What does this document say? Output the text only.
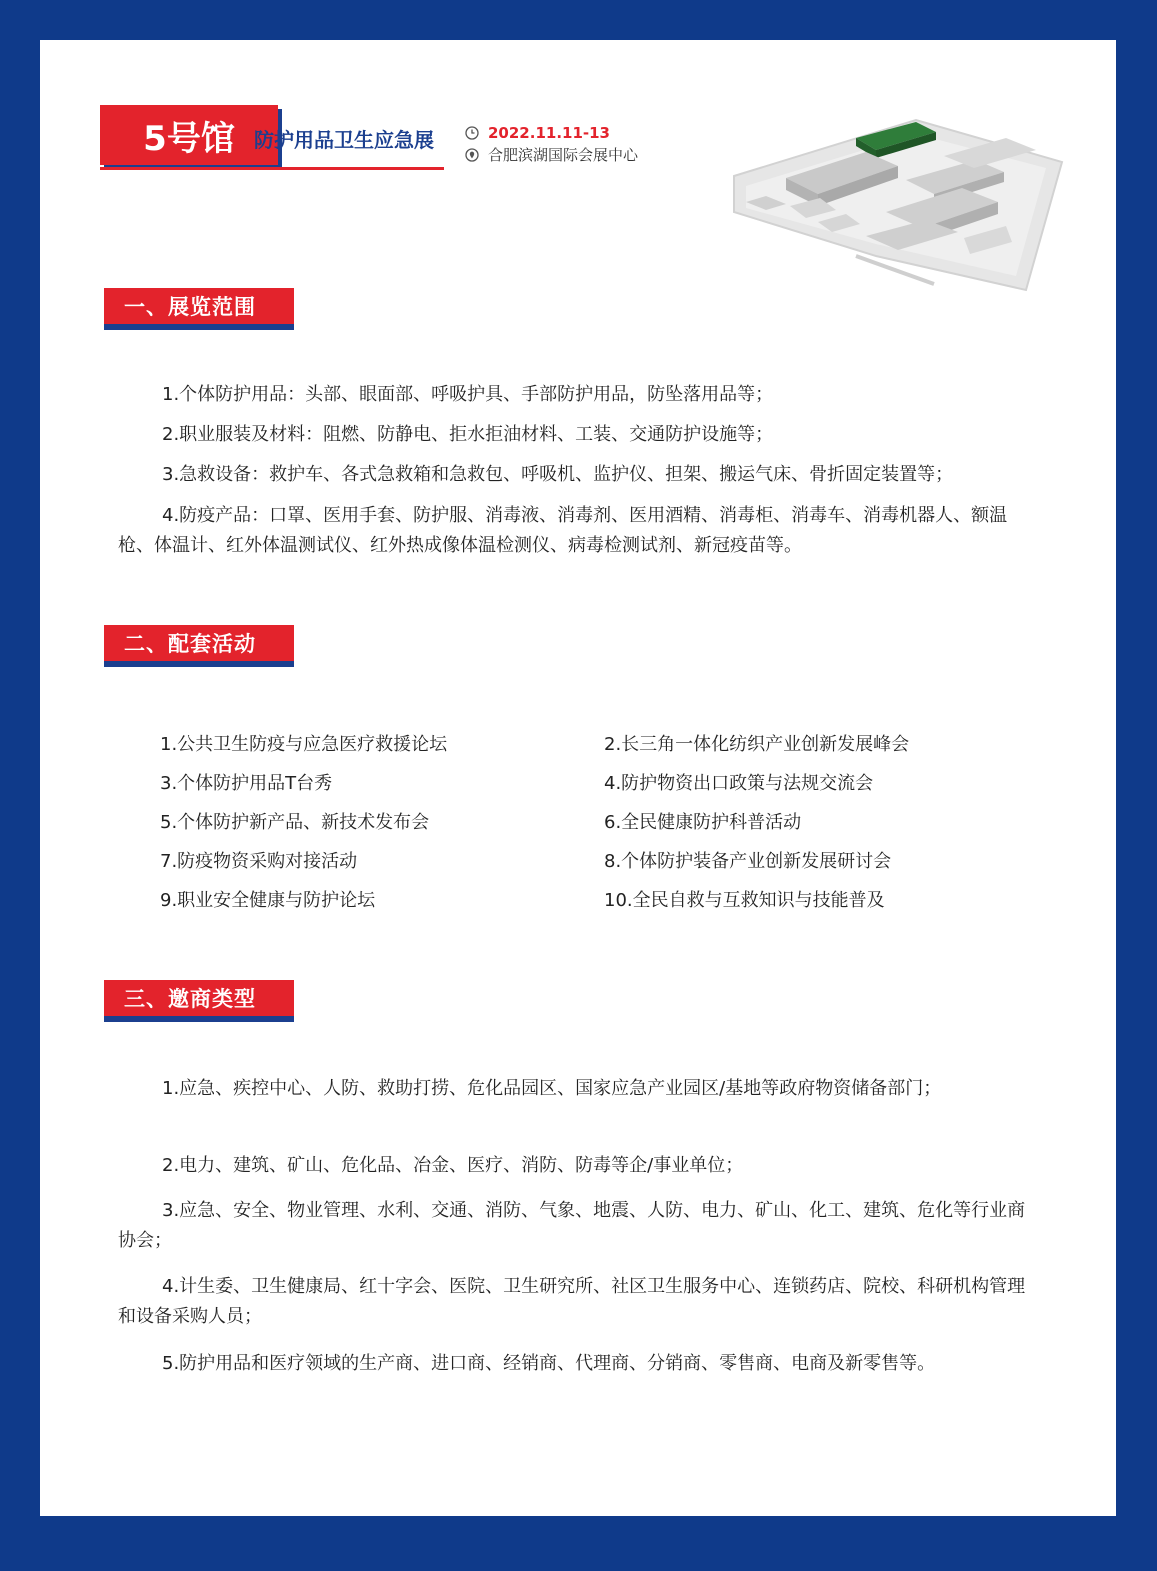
5号馆 防护用品卫生应急展	2022.11.11-13
合肥滨湖国际会展中心
一、展览范围

1.个体防护用品：头部、眼面部、呼吸护具、手部防护用品，防坠落用品等；

2.职业服装及材料：阻燃、防静电、拒水拒油材料、工装、交通防护设施等；

3.急救设备：救护车、各式急救箱和急救包、呼吸机、监护仪、担架、搬运气床、骨折固定装置等；

4.防疫产品：口罩、医用手套、防护服、消毒液、消毒剂、医用酒精、消毒柜、消毒车、消毒机器人、额温枪、体温计、红外体温测试仪、红外热成像体温检测仪、病毒检测试剂、新冠疫苗等。

二、配套活动
1.公共卫生防疫与应急医疗救援论坛	2.长三角一体化纺织产业创新发展峰会
3.个体防护用品T台秀	4.防护物资出口政策与法规交流会
5.个体防护新产品、新技术发布会	6.全民健康防护科普活动
7.防疫物资采购对接活动	8.个体防护装备产业创新发展研讨会
9.职业安全健康与防护论坛	10.全民自救与互救知识与技能普及
三、邀商类型

1.应急、疾控中心、人防、救助打捞、危化品园区、国家应急产业园区/基地等政府物资储备部门；

2.电力、建筑、矿山、危化品、冶金、医疗、消防、防毒等企/事业单位；

3.应急、安全、物业管理、水利、交通、消防、气象、地震、人防、电力、矿山、化工、建筑、危化等行业商协会；

4.计生委、卫生健康局、红十字会、医院、卫生研究所、社区卫生服务中心、连锁药店、院校、科研机构管理和设备采购人员；

5.防护用品和医疗领域的生产商、进口商、经销商、代理商、分销商、零售商、电商及新零售等。
